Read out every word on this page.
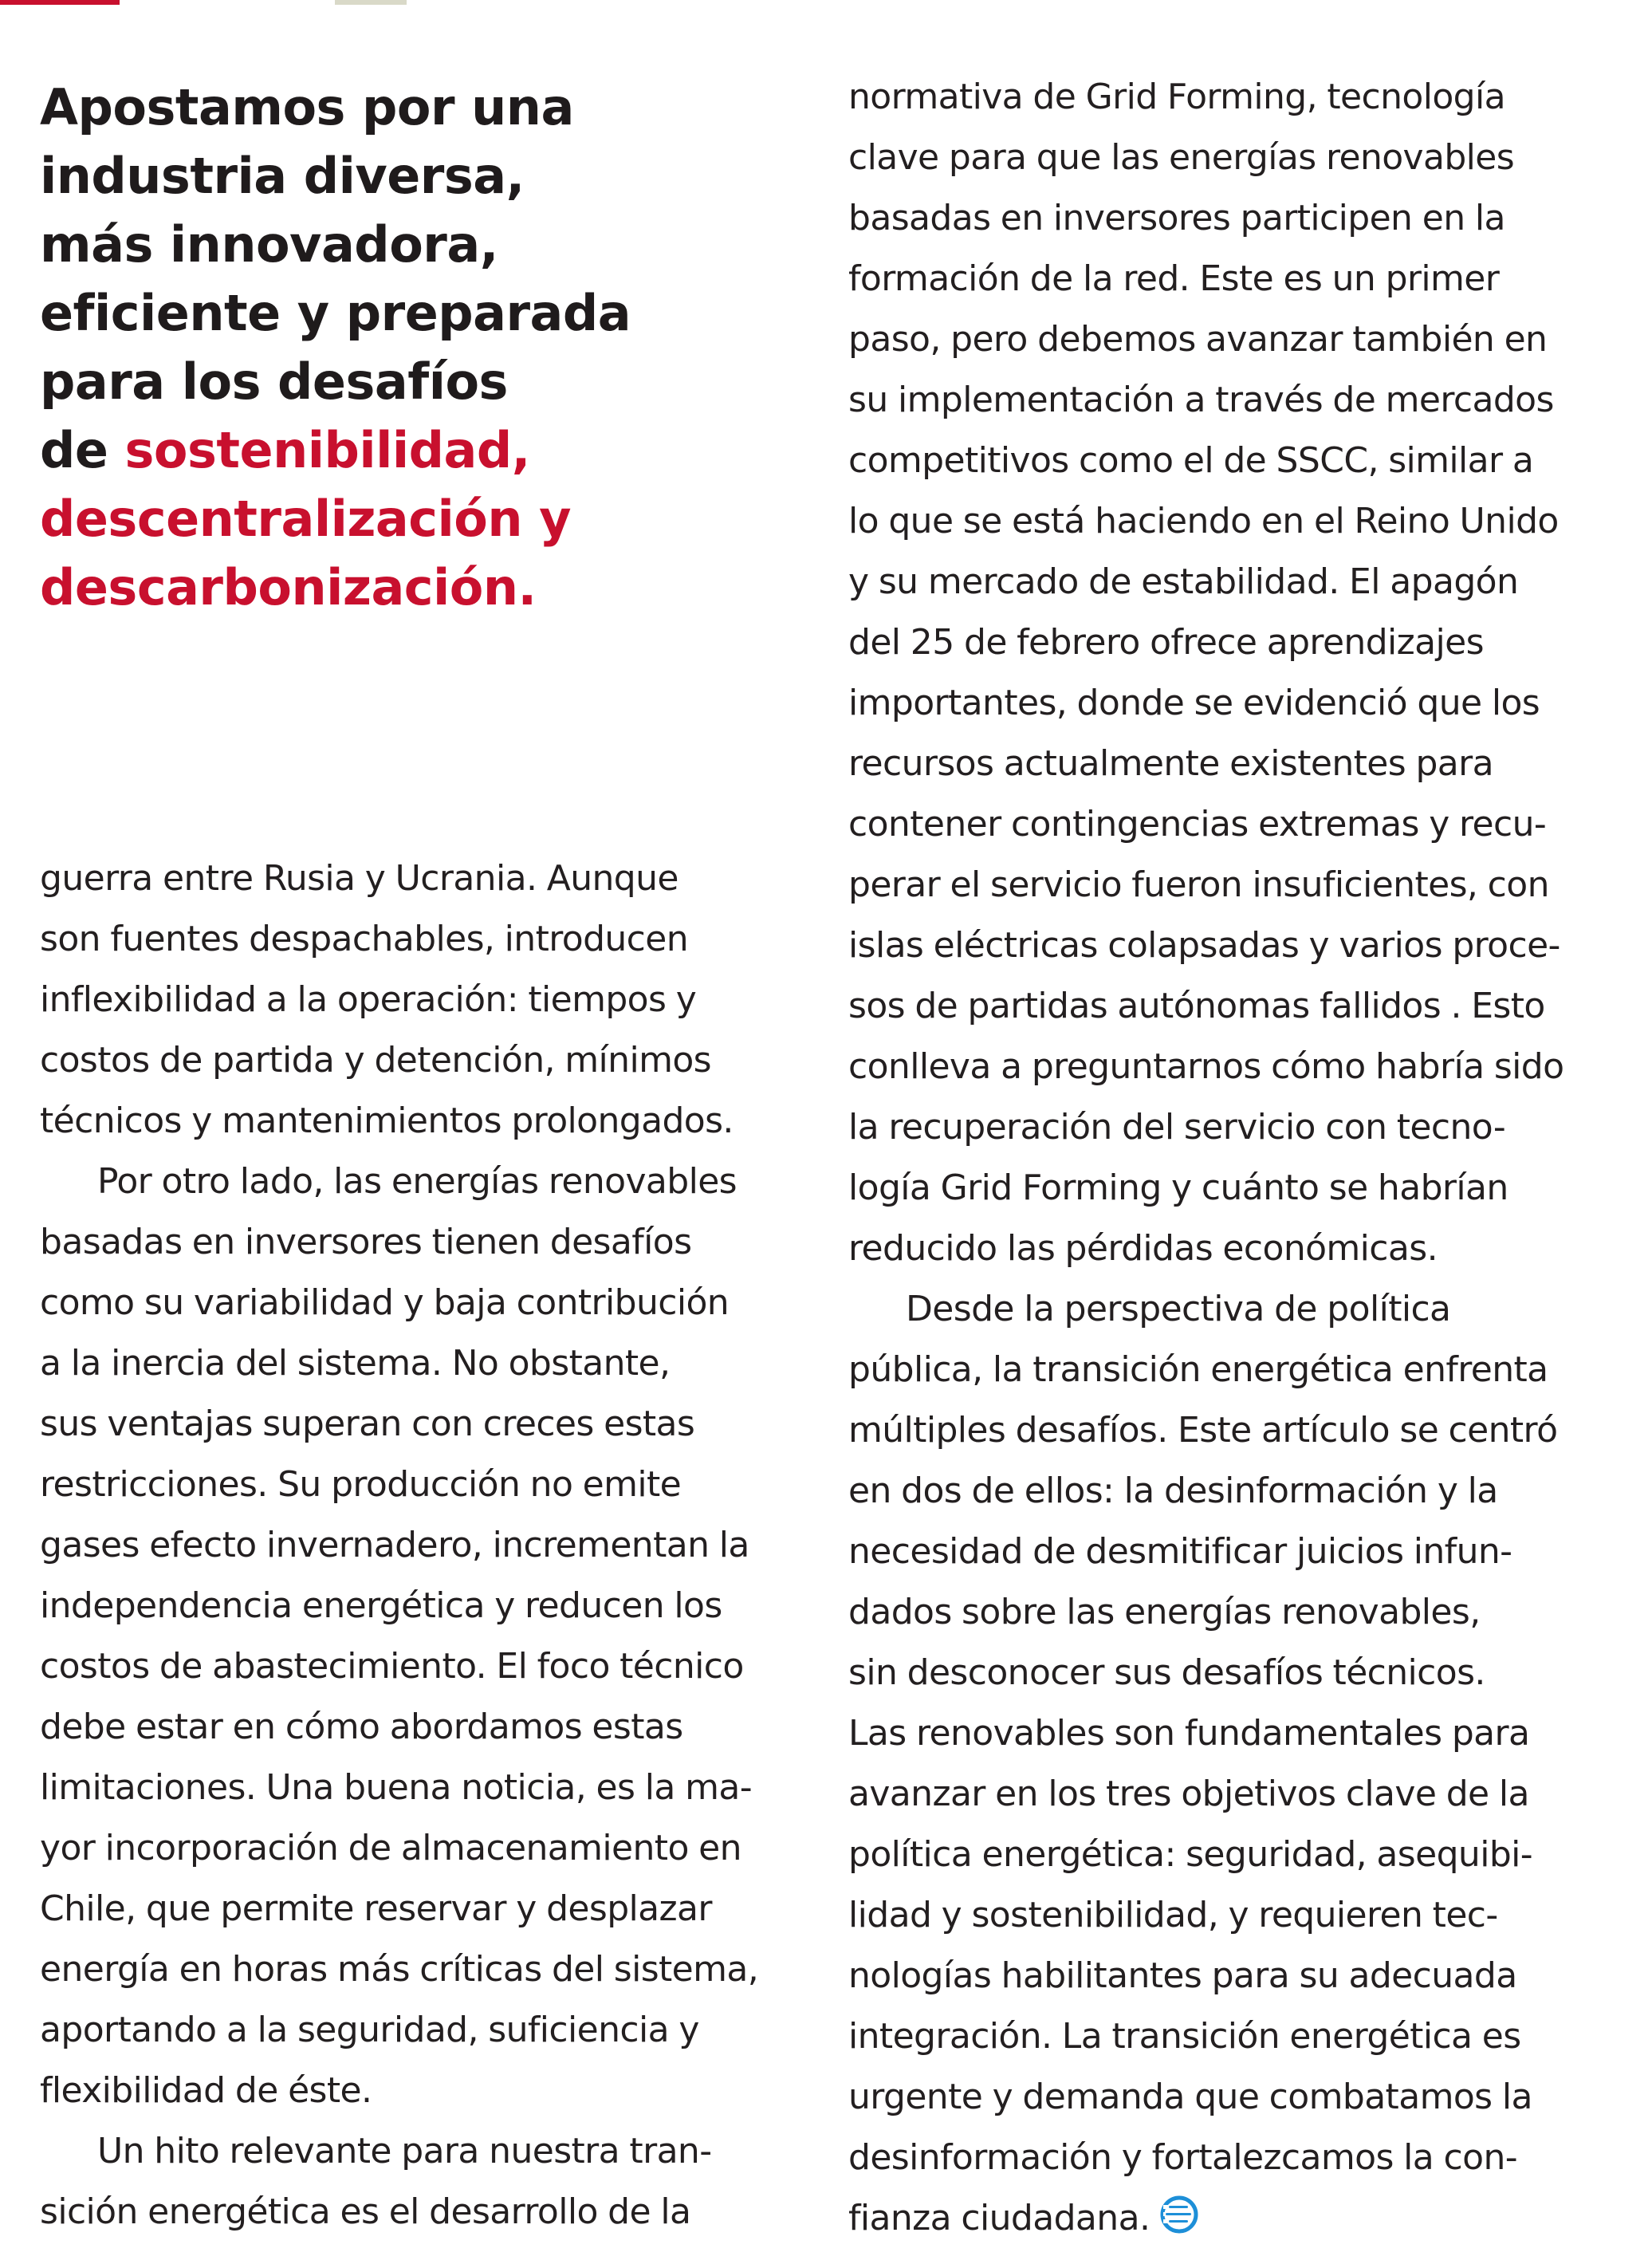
Apostamos por una
industria diversa,
más innovadora,
eficiente y preparada
para los desafíos
de sostenibilidad,
descentralización y
descarbonización.
guerra entre Rusia y Ucrania. Aunque
son fuentes despachables, introducen
inflexibilidad a la operación: tiempos y
costos de partida y detención, mínimos
técnicos y mantenimientos prolongados.
Por otro lado, las energías renovables
basadas en inversores tienen desafíos
como su variabilidad y baja contribución
a la inercia del sistema. No obstante,
sus ventajas superan con creces estas
restricciones. Su producción no emite
gases efecto invernadero, incrementan la
independencia energética y reducen los
costos de abastecimiento. El foco técnico
debe estar en cómo abordamos estas
limitaciones. Una buena noticia, es la ma-
yor incorporación de almacenamiento en
Chile, que permite reservar y desplazar
energía en horas más críticas del sistema,
aportando a la seguridad, suficiencia y
flexibilidad de éste.
Un hito relevante para nuestra tran-
sición energética es el desarrollo de la
normativa de Grid Forming, tecnología
clave para que las energías renovables
basadas en inversores participen en la
formación de la red. Este es un primer
paso, pero debemos avanzar también en
su implementación a través de mercados
competitivos como el de SSCC, similar a
lo que se está haciendo en el Reino Unido
y su mercado de estabilidad. El apagón
del 25 de febrero ofrece aprendizajes
importantes, donde se evidenció que los
recursos actualmente existentes para
contener contingencias extremas y recu-
perar el servicio fueron insuficientes, con
islas eléctricas colapsadas y varios proce-
sos de partidas autónomas fallidos . Esto
conlleva a preguntarnos cómo habría sido
la recuperación del servicio con tecno-
logía Grid Forming y cuánto se habrían
reducido las pérdidas económicas.
Desde la perspectiva de política
pública, la transición energética enfrenta
múltiples desafíos. Este artículo se centró
en dos de ellos: la desinformación y la
necesidad de desmitificar juicios infun-
dados sobre las energías renovables,
sin desconocer sus desafíos técnicos.
Las renovables son fundamentales para
avanzar en los tres objetivos clave de la
política energética: seguridad, asequibi-
lidad y sostenibilidad, y requieren tec-
nologías habilitantes para su adecuada
integración. La transición energética es
urgente y demanda que combatamos la
desinformación y fortalezcamos la con-
fianza ciudadana.
